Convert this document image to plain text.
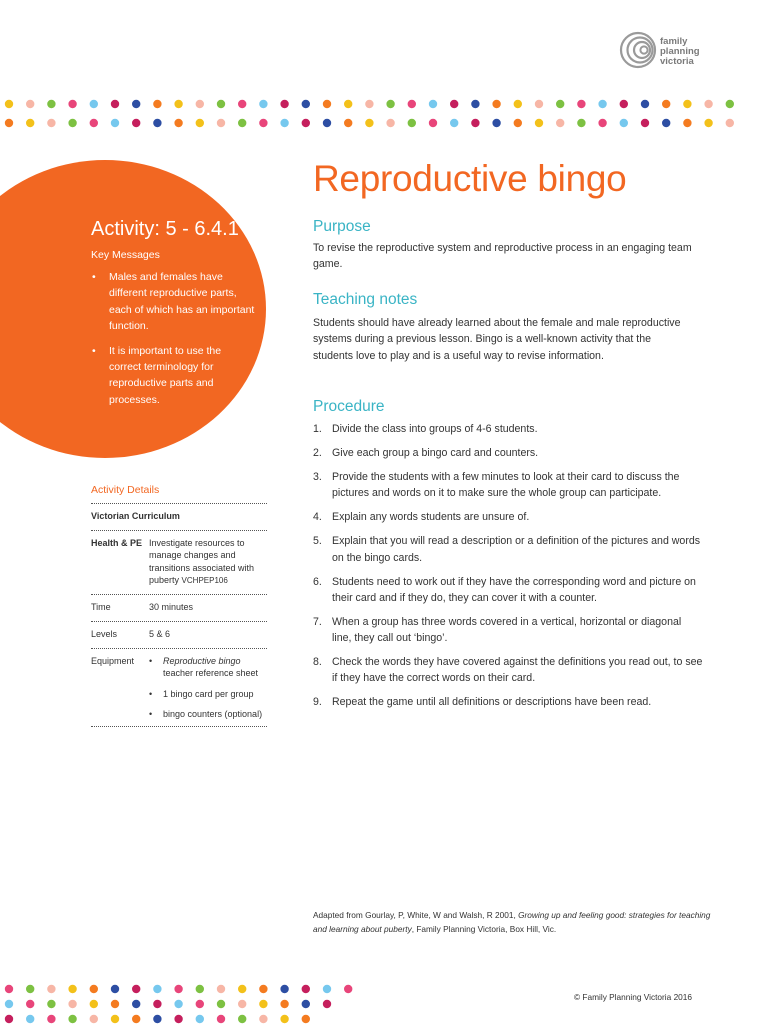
family
planning
victoria
Activity: 5 - 6.4.1
Key Messages
• Males and females have different reproductive parts, each of which has an important function.
• It is important to use the correct terminology for reproductive parts and processes.
Activity Details
Victorian Curriculum
Health & PE Investigate resources to manage changes and transitions associated with puberty VCHPEP106
Time	30 minutes
Levels	5 & 6
Equipment
•	Reproductive bingo
teacher reference sheet
• 1 bingo card per group
• bingo counters (optional)
Reproductive bingo
Purpose
To revise the reproductive system and reproductive process in an engaging team game.
Teaching notes
Students should have already learned about the female and male reproductive systems during a previous lesson. Bingo is a well-known activity that the students love to play and is a useful way to revise information.
Procedure
1. Divide the class into groups of 4-6 students.
2. Give each group a bingo card and counters.
3. Provide the students with a few minutes to look at their card to discuss the pictures and words on it to make sure the whole group can participate.
4. Explain any words students are unsure of.
5. Explain that you will read a description or a definition of the pictures and words on the bingo cards.
6. Students need to work out if they have the corresponding word and picture on their card and if they do, they can cover it with a counter.
7. When a group has three words covered in a vertical, horizontal or diagonal line, they call out ‘bingo’.
8. Check the words they have covered against the definitions you read out, to see if they have the correct words on their card.
9. Repeat the game until all definitions or descriptions have been read.
Adapted from Gourlay, P, White, W and Walsh, R 2001, Growing up and feeling good: strategies for teaching and learning about puberty, Family Planning Victoria, Box Hill, Vic.
© Family Planning Victoria 2016
